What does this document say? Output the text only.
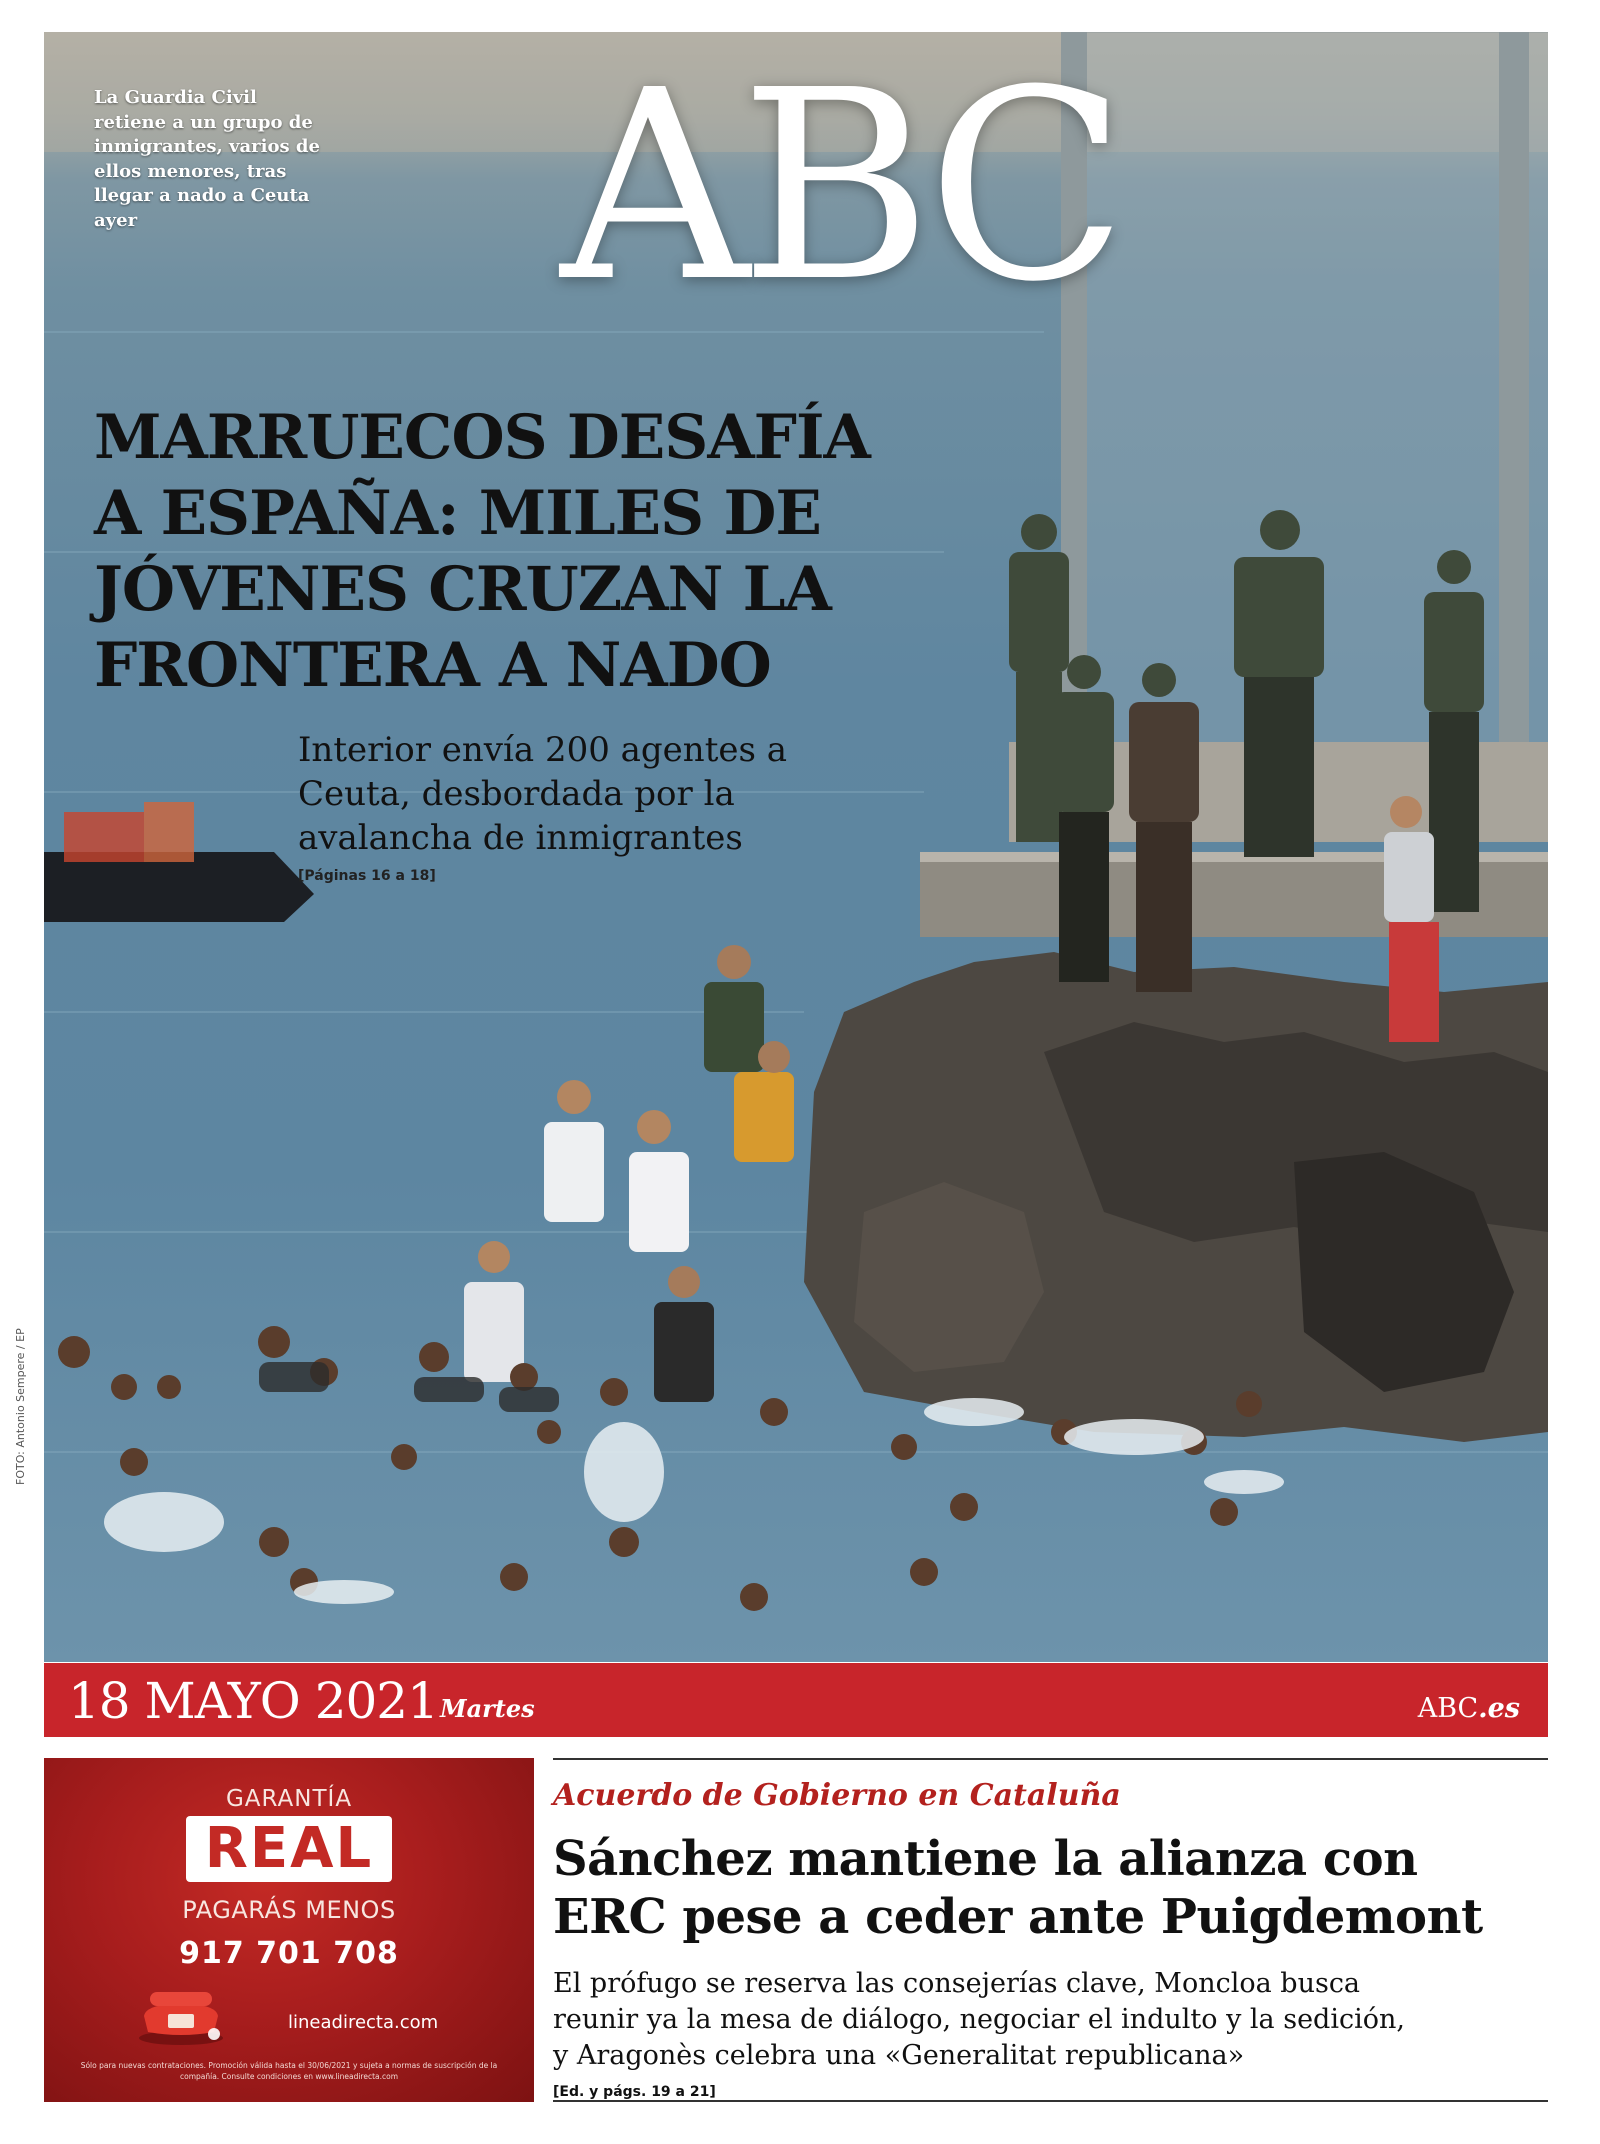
La Guardia Civil retiene a un grupo de inmigrantes, varios de ellos menores, tras llegar a nado a Ceuta ayer	ABC
MARRUECOS DESAFÍA
A ESPAÑA: MILES DE
JÓVENES CRUZAN LA
FRONTERA A NADO
Interior envía 200 agentes a
Ceuta, desbordada por la
avalancha de inmigrantes
[Páginas 16 a 18]
FOTO: Antonio Sempere / EP
18 MAYO 2021 Martes	ABC.es
GARANTÍA
REAL
PAGARÁS MENOS
917 701 708
lineadirecta.com
Sólo para nuevas contrataciones. Promoción válida hasta el 30/06/2021 y sujeta a normas de suscripción de la compañía. Consulte condiciones en www.lineadirecta.com
Acuerdo de Gobierno en Cataluña
Sánchez mantiene la alianza con
ERC pese a ceder ante Puigdemont
El prófugo se reserva las consejerías clave, Moncloa busca
reunir ya la mesa de diálogo, negociar el indulto y la sedición,
y Aragonès celebra una «Generalitat republicana»
[Ed. y págs. 19 a 21]
